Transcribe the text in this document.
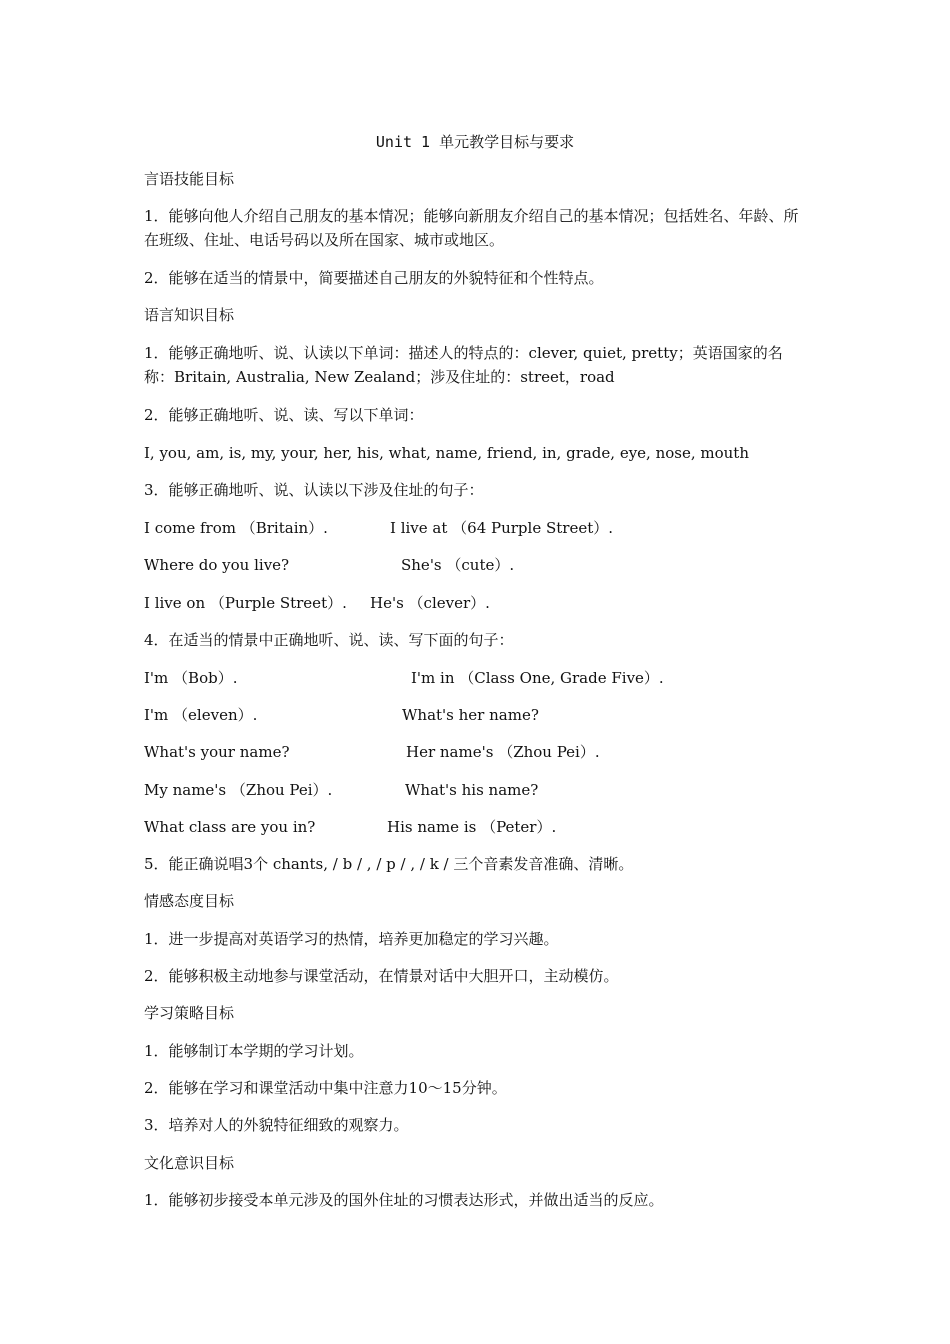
Unit 1 单元教学目标与要求
言语技能目标
1．能够向他人介绍自己朋友的基本情况；能够向新朋友介绍自己的基本情况；包括姓名、年龄、所在班级、住址、电话号码以及所在国家、城市或地区。
2．能够在适当的情景中，简要描述自己朋友的外貌特征和个性特点。
语言知识目标
1．能够正确地听、说、认读以下单词：描述人的特点的：clever, quiet, pretty；英语国家的名称：Britain, Australia, New Zealand；涉及住址的：street，road
2．能够正确地听、说、读、写以下单词：
I, you, am, is, my, your, her, his, what, name, friend, in, grade, eye, nose, mouth
3．能够正确地听、说、认读以下涉及住址的句子：
I come from （Britain）.	I live at （64 Purple Street）.
Where do you live?	She's （cute）.
I live on （Purple Street）. He's （clever）.
4．在适当的情景中正确地听、说、读、写下面的句子：
I'm （Bob）.	I'm in （Class One, Grade Five）.
I'm （eleven）.	What's her name?
What's your name?	Her name's （Zhou Pei）.
My name's （Zhou Pei）.	What's his name?
What class are you in?	His name is （Peter）.
5．能正确说唱3个 chants, / b / , / p / , / k / 三个音素发音准确、清晰。
情感态度目标
1．进一步提高对英语学习的热情，培养更加稳定的学习兴趣。
2．能够积极主动地参与课堂活动，在情景对话中大胆开口，主动模仿。
学习策略目标
1．能够制订本学期的学习计划。
2．能够在学习和课堂活动中集中注意力10～15分钟。
3．培养对人的外貌特征细致的观察力。
文化意识目标
1．能够初步接受本单元涉及的国外住址的习惯表达形式，并做出适当的反应。
